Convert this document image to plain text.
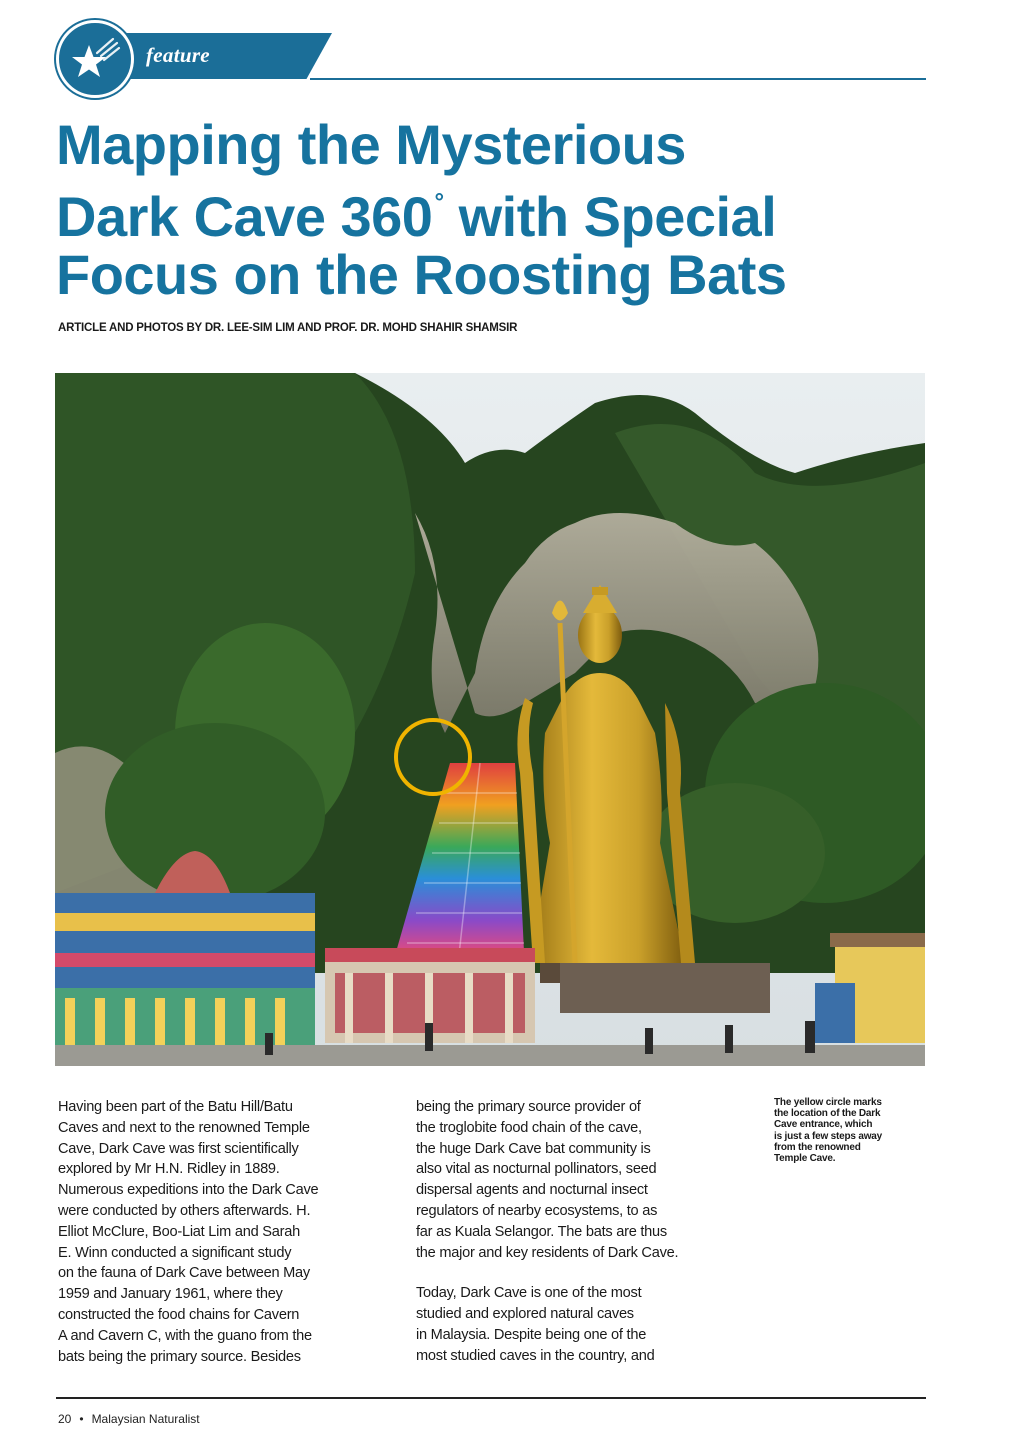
feature
Mapping the Mysterious
Dark Cave 360° with Special
Focus on the Roosting Bats

ARTICLE AND PHOTOS BY DR. LEE-SIM LIM AND PROF. DR. MOHD SHAHIR SHAMSIR

Having been part of the Batu Hill/Batu
Caves and next to the renowned Temple
Cave, Dark Cave was first scientifically
explored by Mr H.N. Ridley in 1889.
Numerous expeditions into the Dark Cave
were conducted by others afterwards. H.
Elliot McClure, Boo-Liat Lim and Sarah
E. Winn conducted a significant study
on the fauna of Dark Cave between May
1959 and January 1961, where they
constructed the food chains for Cavern
A and Cavern C, with the guano from the
bats being the primary source. Besides

being the primary source provider of
the troglobite food chain of the cave,
the huge Dark Cave bat community is
also vital as nocturnal pollinators, seed
dispersal agents and nocturnal insect
regulators of nearby ecosystems, to as
far as Kuala Selangor. The bats are thus
the major and key residents of Dark Cave.

Today, Dark Cave is one of the most
studied and explored natural caves
in Malaysia. Despite being one of the
most studied caves in the country, and

The yellow circle marks
the location of the Dark
Cave entrance, which
is just a few steps away
from the renowned
Temple Cave.

20 • Malaysian Naturalist
